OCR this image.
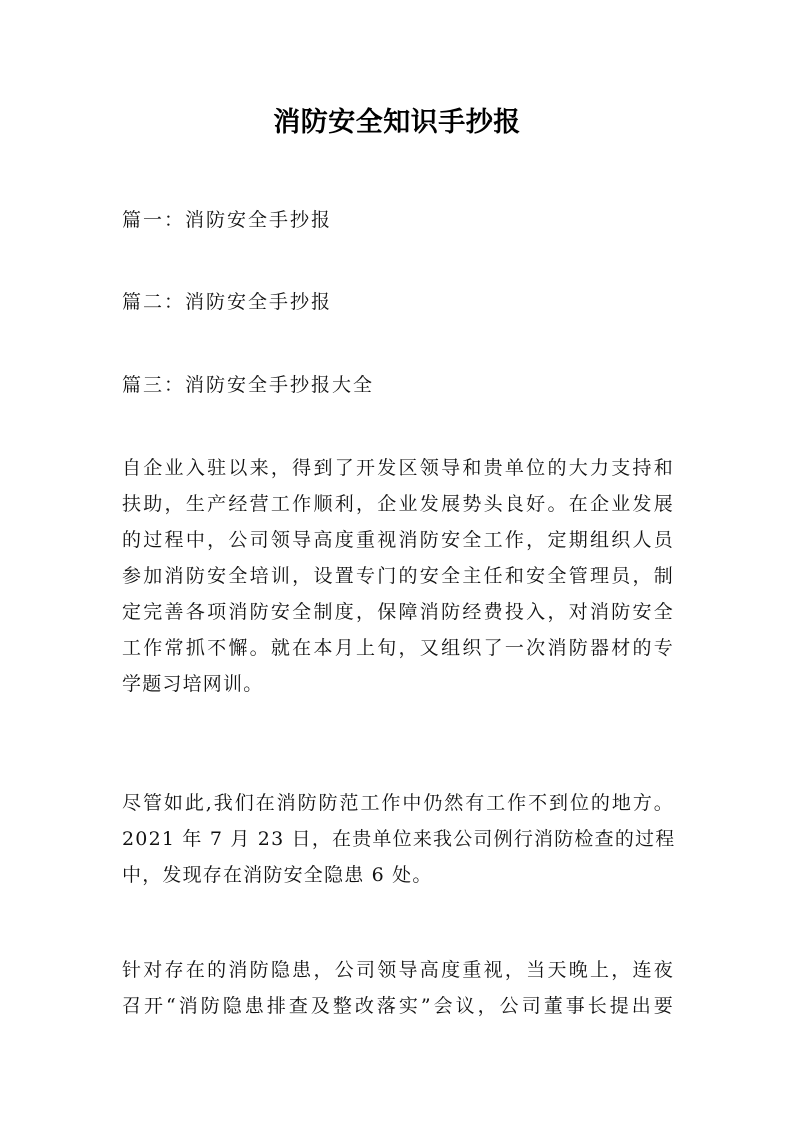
消防安全知识手抄报
篇一：消防安全手抄报
篇二：消防安全手抄报
篇三：消防安全手抄报大全
自企业入驻以来，得到了开发区领导和贵单位的大力支持和
扶助，生产经营工作顺利，企业发展势头良好。在企业发展
的过程中，公司领导高度重视消防安全工作，定期组织人员
参加消防安全培训，设置专门的安全主任和安全管理员，制
定完善各项消防安全制度，保障消防经费投入，对消防安全
工作常抓不懈。就在本月上旬，又组织了一次消防器材的专
学题习培网训。
尽管如此,我们在消防防范工作中仍然有工作不到位的地方。
2021 年 7 月 23 日，在贵单位来我公司例行消防检查的过程
中，发现存在消防安全隐患 6 处。
针对存在的消防隐患，公司领导高度重视，当天晚上，连夜
召开“消防隐患排查及整改落实”会议，公司董事长提出要
